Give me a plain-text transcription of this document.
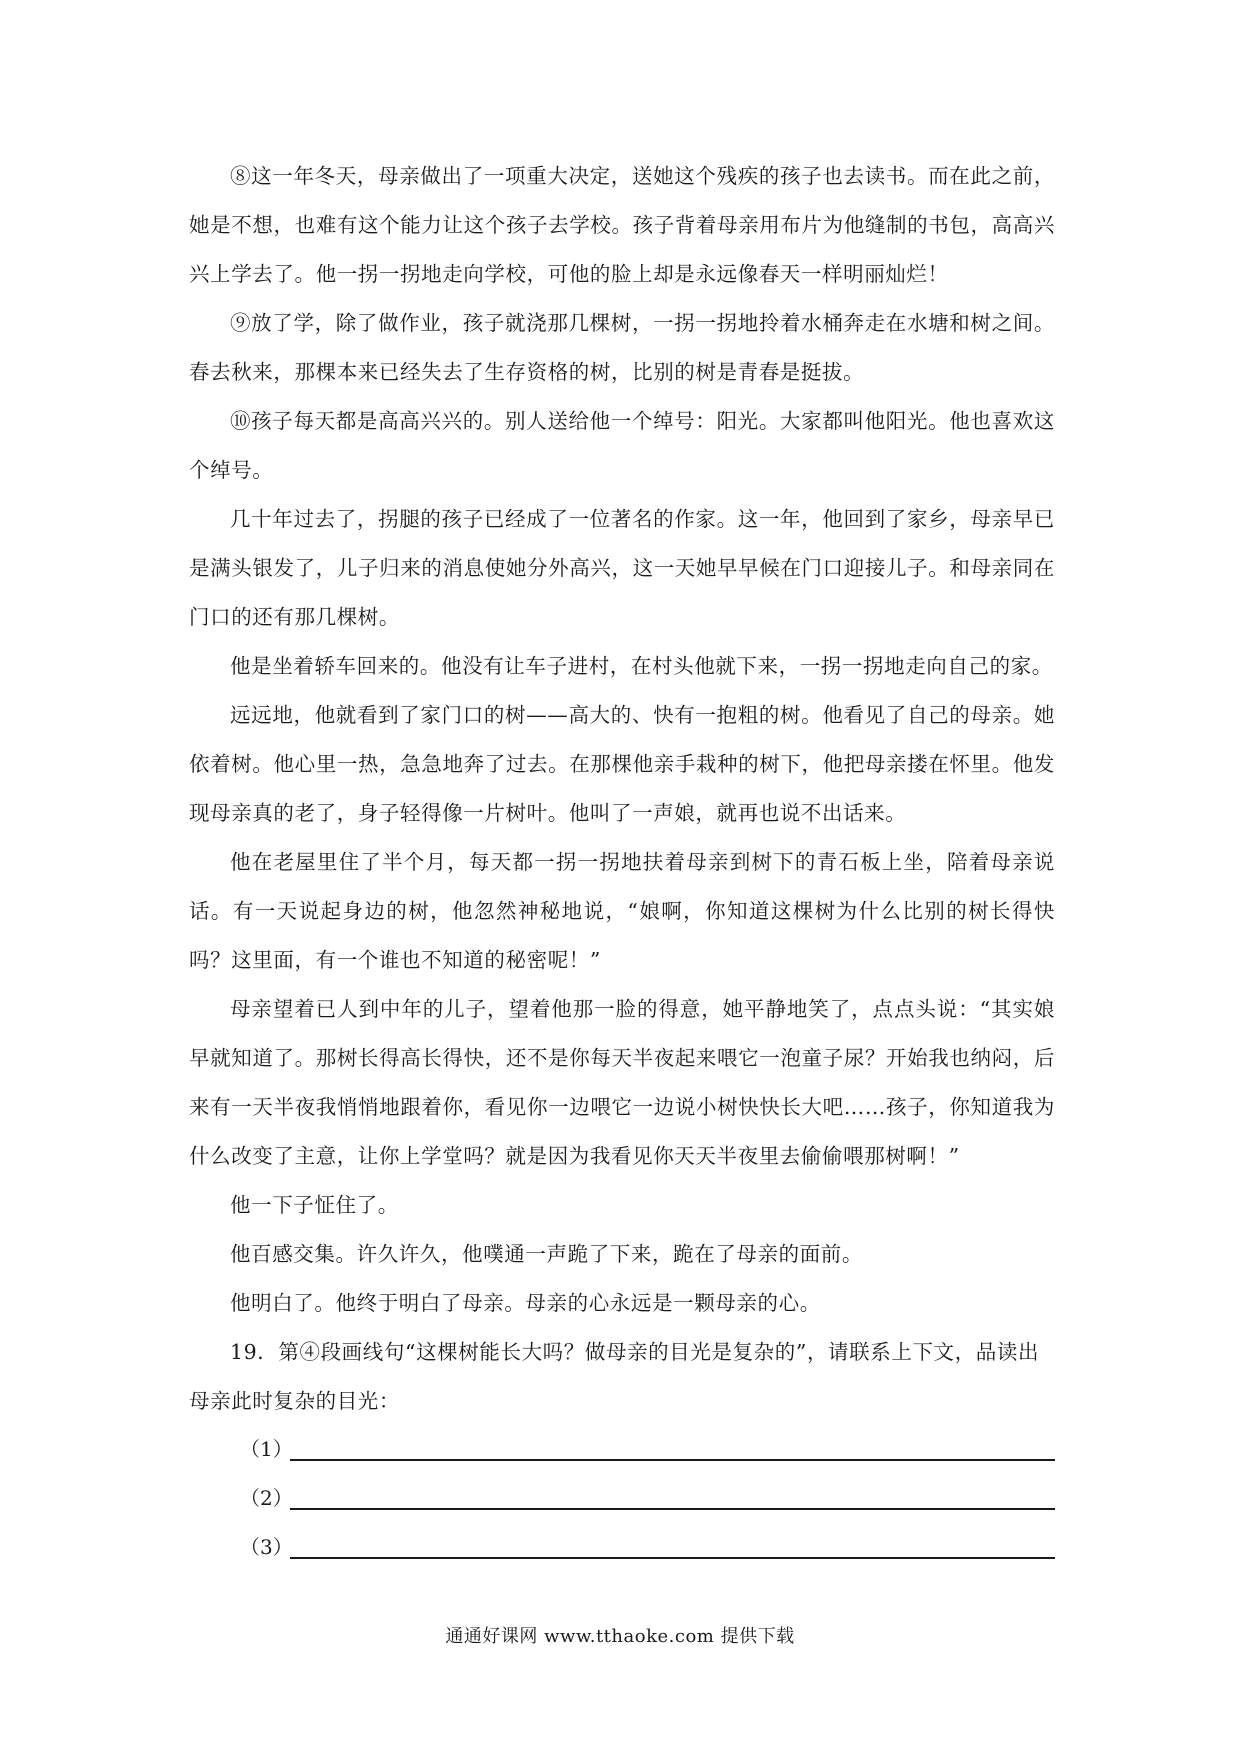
⑧这一年冬天，母亲做出了一项重大决定，送她这个残疾的孩子也去读书。而在此之前，她是不想，也难有这个能力让这个孩子去学校。孩子背着母亲用布片为他缝制的书包，高高兴兴上学去了。他一拐一拐地走向学校，可他的脸上却是永远像春天一样明丽灿烂！

⑨放了学，除了做作业，孩子就浇那几棵树，一拐一拐地拎着水桶奔走在水塘和树之间。春去秋来，那棵本来已经失去了生存资格的树，比别的树是青春是挺拔。

⑩孩子每天都是高高兴兴的。别人送给他一个绰号：阳光。大家都叫他阳光。他也喜欢这个绰号。

几十年过去了，拐腿的孩子已经成了一位著名的作家。这一年，他回到了家乡，母亲早已是满头银发了，儿子归来的消息使她分外高兴，这一天她早早候在门口迎接儿子。和母亲同在门口的还有那几棵树。

他是坐着轿车回来的。他没有让车子进村，在村头他就下来，一拐一拐地走向自己的家。

远远地，他就看到了家门口的树——高大的、快有一抱粗的树。他看见了自己的母亲。她依着树。他心里一热，急急地奔了过去。在那棵他亲手栽种的树下，他把母亲搂在怀里。他发现母亲真的老了，身子轻得像一片树叶。他叫了一声娘，就再也说不出话来。

他在老屋里住了半个月，每天都一拐一拐地扶着母亲到树下的青石板上坐，陪着母亲说话。有一天说起身边的树，他忽然神秘地说，“娘啊，你知道这棵树为什么比别的树长得快吗？这里面，有一个谁也不知道的秘密呢！”

母亲望着已人到中年的儿子，望着他那一脸的得意，她平静地笑了，点点头说：“其实娘早就知道了。那树长得高长得快，还不是你每天半夜起来喂它一泡童子尿？开始我也纳闷，后来有一天半夜我悄悄地跟着你，看见你一边喂它一边说小树快快长大吧……孩子，你知道我为什么改变了主意，让你上学堂吗？就是因为我看见你天天半夜里去偷偷喂那树啊！”

他一下子怔住了。

他百感交集。许久许久，他噗通一声跪了下来，跪在了母亲的面前。

他明白了。他终于明白了母亲。母亲的心永远是一颗母亲的心。

19．第④段画线句“这棵树能长大吗？做母亲的目光是复杂的”，请联系上下文，品读出母亲此时复杂的目光：

（1）
（2）
（3）
通通好课网 www.tthaoke.com 提供下载
